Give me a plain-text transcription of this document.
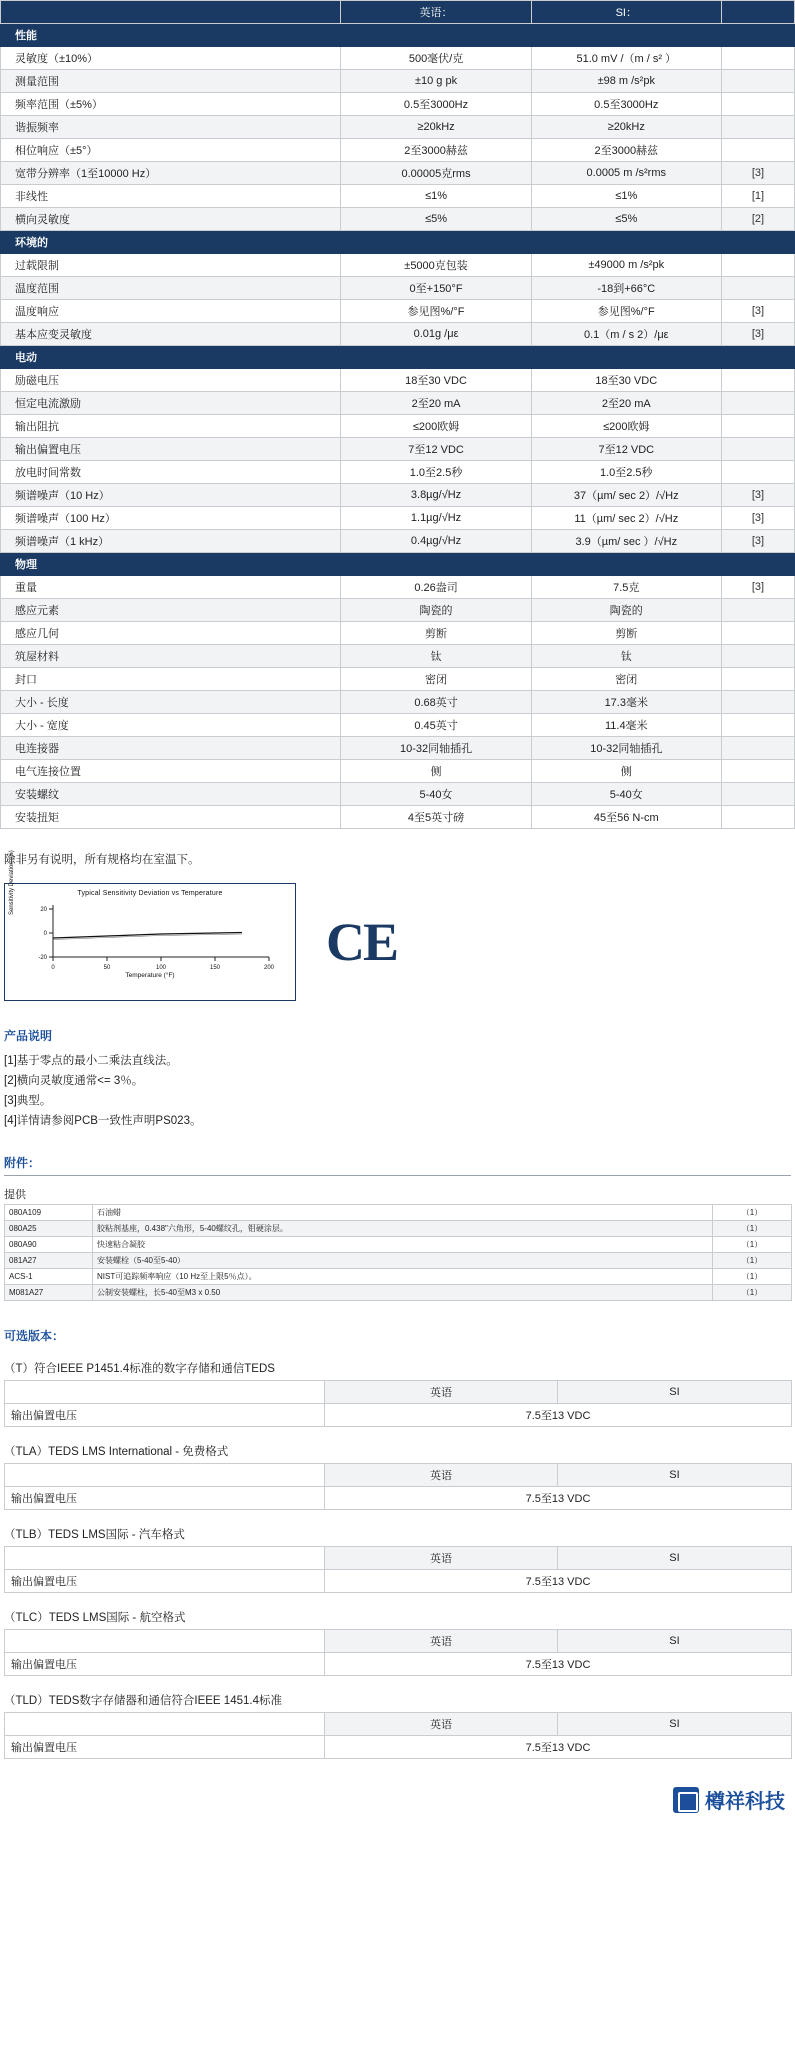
	英语：	SI：	
性能			
灵敏度（±10%）	500毫伏/克	51.0 mV /（m / s² ）	
测量范围	±10 g pk	±98 m /s²pk	
频率范围（±5%）	0.5至3000Hz	0.5至3000Hz	
谐振频率	≥20kHz	≥20kHz	
相位响应（±5°）	2至3000赫兹	2至3000赫兹	
宽带分辨率（1至10000 Hz）	0.00005克rms	0.0005 m /s²rms	[3]
非线性	≤1%	≤1%	[1]
横向灵敏度	≤5%	≤5%	[2]
环境的			
过载限制	±5000克包装	±49000 m /s²pk	
温度范围	0至+150°F	-18到+66°C	
温度响应	参见图%/°F	参见图%/°F	[3]
基本应变灵敏度	0.01g /με	0.1（m / s 2）/με	[3]
电动			
励磁电压	18至30 VDC	18至30 VDC	
恒定电流激励	2至20 mA	2至20 mA	
输出阻抗	≤200欧姆	≤200欧姆	
输出偏置电压	7至12 VDC	7至12 VDC	
放电时间常数	1.0至2.5秒	1.0至2.5秒	
频谱噪声（10 Hz）	3.8µg/√Hz	37（µm/ sec 2）/√Hz	[3]
频谱噪声（100 Hz）	1.1µg/√Hz	11（µm/ sec 2）/√Hz	[3]
频谱噪声（1 kHz）	0.4µg/√Hz	3.9（µm/ sec ）/√Hz	[3]
物理			
重量	0.26盎司	7.5克	[3]
感应元素	陶瓷的	陶瓷的	
感应几何	剪断	剪断	
筑屋材料	钛	钛	
封口	密闭	密闭	
大小 - 长度	0.68英寸	17.3毫米	
大小 - 宽度	0.45英寸	11.4毫米	
电连接器	10-32同轴插孔	10-32同轴插孔	
电气连接位置	侧	侧	
安装螺纹	5-40女	5-40女	
安装扭矩	4至5英寸磅	45至56 N-cm	
除非另有说明，所有规格均在室温下。
Typical Sensitivity Deviation vs Temperature
Sensitivity Deviation (%)	20
0
-20
0	50	100	150	200
Temperature (°F)
CE
产品说明
[1]基于零点的最小二乘法直线法。
[2]横向灵敏度通常<= 3％。
[3]典型。
[4]详情请参阅PCB一致性声明PS023。
附件：
提供
080A109	石油蜡	（1）
080A25	胶粘剂基座，0.438"六角形，5-40螺纹孔，钼硬涂层。	（1）
080A90	快速粘合凝胶	（1）
081A27	安装螺栓（5-40至5-40）	（1）
ACS-1	NIST可追踪频率响应（10 Hz至上限5％点）。	（1）
M081A27	公制安装螺柱，长5-40至M3 x 0.50	（1）
可选版本：
（T）符合IEEE P1451.4标准的数字存储和通信TEDS
	英语	SI
输出偏置电压	7.5至13 VDC	
（TLA）TEDS LMS International - 免费格式
	英语	SI
输出偏置电压	7.5至13 VDC	
（TLB）TEDS LMS国际 - 汽车格式
	英语	SI
输出偏置电压	7.5至13 VDC	
（TLC）TEDS LMS国际 - 航空格式
	英语	SI
输出偏置电压	7.5至13 VDC	
（TLD）TEDS数字存储器和通信符合IEEE 1451.4标准
	英语	SI
输出偏置电压	7.5至13 VDC	
樽祥科技
